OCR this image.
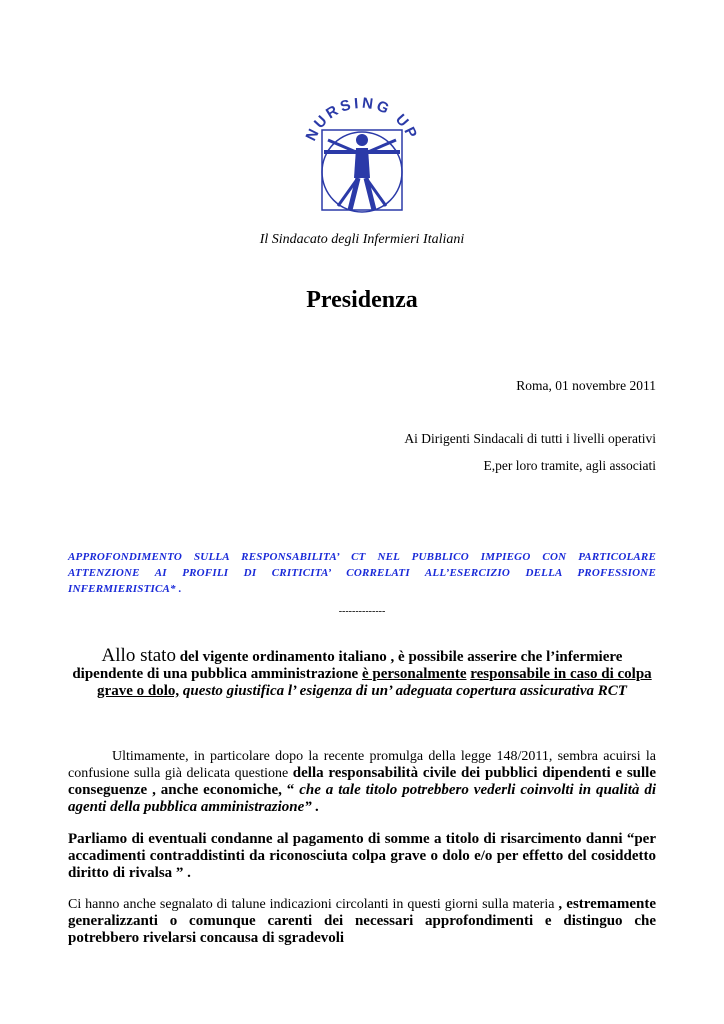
NURSING UP
Il Sindacato degli Infermieri Italiani
Presidenza
Roma, 01 novembre 2011
Ai Dirigenti Sindacali di tutti i livelli operativi
E,per loro tramite, agli associati
APPROFONDIMENTO SULLA RESPONSABILITA’ CT NEL PUBBLICO IMPIEGO CON PARTICOLARE ATTENZIONE AI PROFILI DI CRITICITA’ CORRELATI ALL’ESERCIZIO DELLA PROFESSIONE INFERMIERISTICA* .
--------------
Allo stato del vigente ordinamento italiano , è possibile asserire che l’infermiere dipendente di una pubblica amministrazione è personalmente responsabile in caso di colpa grave o dolo, questo giustifica l’ esigenza di un’ adeguata copertura assicurativa RCT
Ultimamente, in particolare dopo la recente promulga della legge 148/2011, sembra acuirsi la confusione sulla già delicata questione della responsabilità civile dei pubblici dipendenti e sulle conseguenze , anche economiche, “ che a tale titolo potrebbero vederli coinvolti in qualità di agenti della pubblica amministrazione” .
Parliamo di eventuali condanne al pagamento di somme a titolo di risarcimento danni “per accadimenti contraddistinti da riconosciuta colpa grave o dolo e/o per effetto del cosiddetto diritto di rivalsa ” .
Ci hanno anche segnalato di talune indicazioni circolanti in questi giorni sulla materia , estremamente generalizzanti o comunque carenti dei necessari approfondimenti e distinguo che potrebbero rivelarsi concausa di sgradevoli
